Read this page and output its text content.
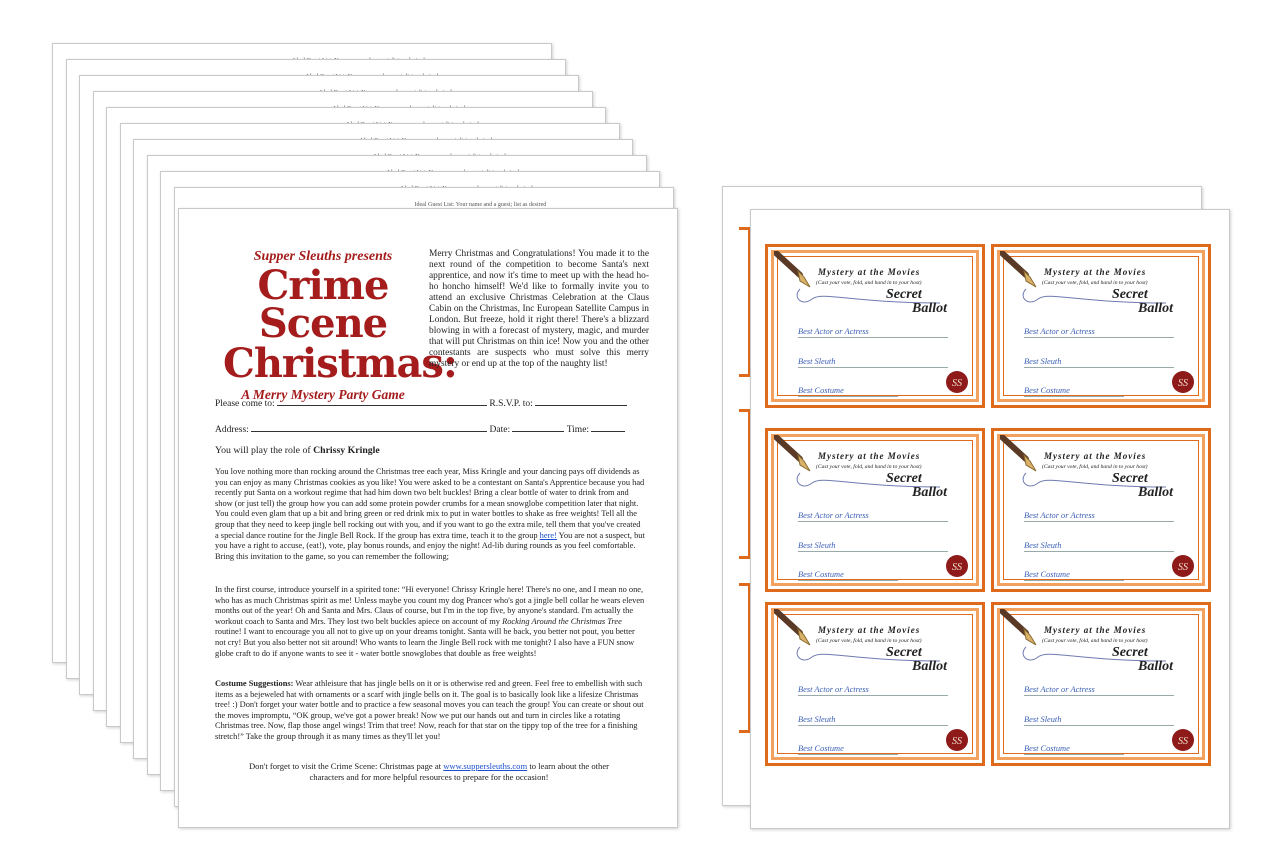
Ideal Guest List: Your name and a guest; list as desired
Supper Sleuths presents
Crime Scene
Christmas:
A Merry Mystery Party Game
Merry Christmas and Congratulations! You made it to the next round of the competition to become Santa's next apprentice, and now it's time to meet up with the head ho-ho honcho himself! We'd like to formally invite you to attend an exclusive Christmas Celebration at the Claus Cabin on the Christmas, Inc European Satellite Campus in London. But freeze, hold it right there! There's a blizzard blowing in with a forecast of mystery, magic, and murder that will put Christmas on thin ice! Now you and the other contestants are suspects who must solve this merry mystery or end up at the top of the naughty list!
Please come to:	R.S.V.P. to:
Address:	Date:	Time:
You will play the role of Chrissy Kringle
You love nothing more than rocking around the Christmas tree each year, Miss Kringle and your dancing pays off dividends as you can enjoy as many Christmas cookies as you like! You were asked to be a contestant on Santa's Apprentice because you had recently put Santa on a workout regime that had him down two belt buckles! Bring a clear bottle of water to drink from and show (or just tell) the group how you can add some protein powder crumbs for a mean snowglobe competition later that night. You could even glam that up a bit and bring green or red drink mix to put in water bottles to shake as free weights! Tell all the group that they need to keep jingle bell rocking out with you, and if you want to go the extra mile, tell them that you've created a special dance routine for the Jingle Bell Rock. If the group has extra time, teach it to the group here! You are not a suspect, but you have a right to accuse, (eat!), vote, play bonus rounds, and enjoy the night! Ad-lib during rounds as you feel comfortable. Bring this invitation to the game, so you can remember the following;
In the first course, introduce yourself in a spirited tone: “Hi everyone! Chrissy Kringle here! There's no one, and I mean no one, who has as much Christmas spirit as me! Unless maybe you count my dog Prancer who's got a jingle bell collar he wears eleven months out of the year! Oh and Santa and Mrs. Claus of course, but I'm in the top five, by anyone's standard. I'm actually the workout coach to Santa and Mrs. They lost two belt buckles apiece on account of my Rocking Around the Christmas Tree routine! I want to encourage you all not to give up on your dreams tonight. Santa will be back, you better not pout, you better not cry! But you also better not sit around! Who wants to learn the Jingle Bell rock with me tonight? I also have a FUN snow globe craft to do if anyone wants to see it - water bottle snowglobes that double as free weights!
Costume Suggestions: Wear athleisure that has jingle bells on it or is otherwise red and green. Feel free to embellish with such items as a bejeweled hat with ornaments or a scarf with jingle bells on it. The goal is to basically look like a lifesize Christmas tree! :) Don't forget your water bottle and to practice a few seasonal moves you can teach the group! You can create or shout out the moves impromptu, “OK group, we've got a power break! Now we put our hands out and turn in circles like a rotating Christmas tree. Now, flap those angel wings! Trim that tree! Now, reach for that star on the tippy top of the tree for a finishing stretch!” Take the group through it as many times as they'll let you!
Don't forget to visit the Crime Scene: Christmas page at www.suppersleuths.com to learn about the other characters and for more helpful resources to prepare for the occasion!
Mystery at the Movies
(Cast your vote, fold, and hand in to your host)
Secret
Ballot
Best Actor or Actress
Best Sleuth
Best Costume
SS
Mystery at the Movies
(Cast your vote, fold, and hand in to your host)
Secret
Ballot
Best Actor or Actress
Best Sleuth
Best Costume
SS
Mystery at the Movies
(Cast your vote, fold, and hand in to your host)
Secret
Ballot
Best Actor or Actress
Best Sleuth
Best Costume
SS
Mystery at the Movies
(Cast your vote, fold, and hand in to your host)
Secret
Ballot
Best Actor or Actress
Best Sleuth
Best Costume
SS
Mystery at the Movies
(Cast your vote, fold, and hand in to your host)
Secret
Ballot
Best Actor or Actress
Best Sleuth
Best Costume
SS
Mystery at the Movies
(Cast your vote, fold, and hand in to your host)
Secret
Ballot
Best Actor or Actress
Best Sleuth
Best Costume
SS
